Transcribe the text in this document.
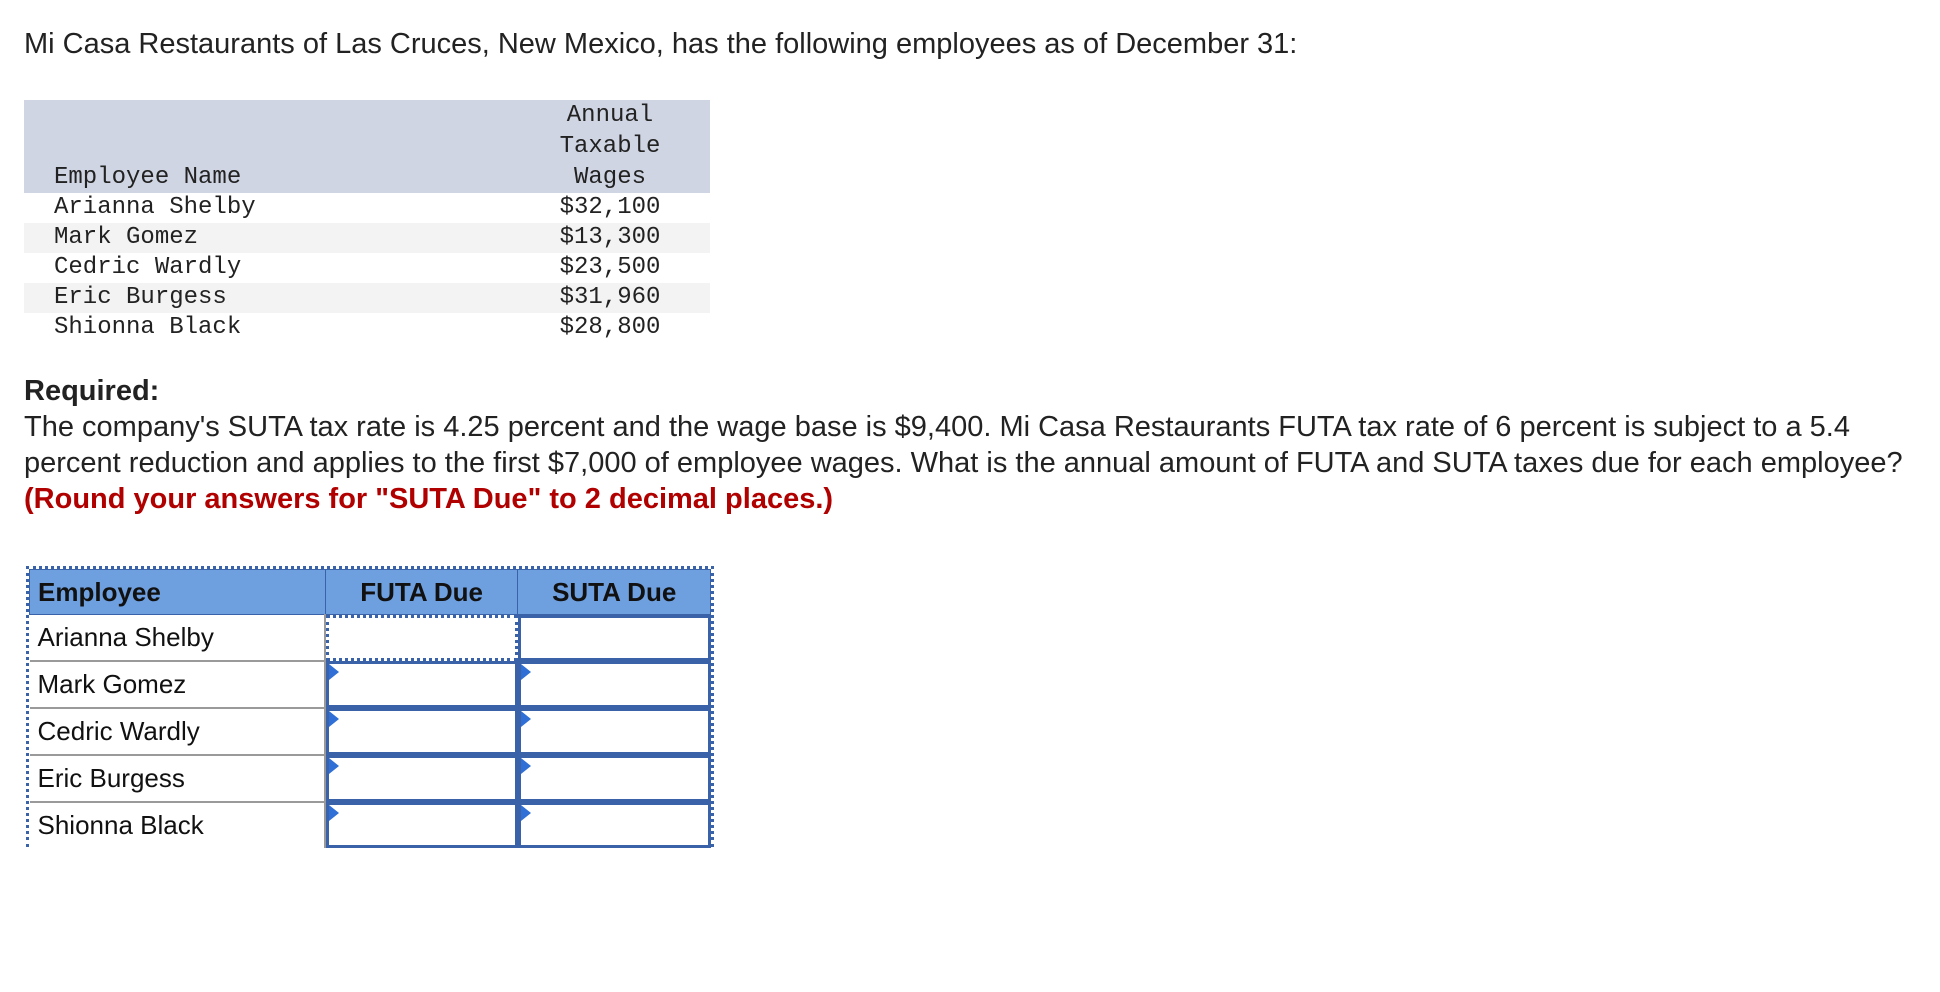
Mi Casa Restaurants of Las Cruces, New Mexico, has the following employees as of December 31:

Employee Name	Annual
Taxable
Wages

Arianna Shelby	$32,100
Mark Gomez	$13,300
Cedric Wardly	$23,500
Eric Burgess	$31,960
Shionna Black	$28,800

Required:

The company's SUTA tax rate is 4.25 percent and the wage base is $9,400. Mi Casa Restaurants FUTA tax rate of 6 percent is subject to a 5.4 percent reduction and applies to the first $7,000 of employee wages. What is the annual amount of FUTA and SUTA taxes due for each employee? (Round your answers for "SUTA Due" to 2 decimal places.)

Employee	FUTA Due	SUTA Due
Arianna Shelby	

Mark Gomez	

Cedric Wardly	

Eric Burgess	

Shionna Black	
